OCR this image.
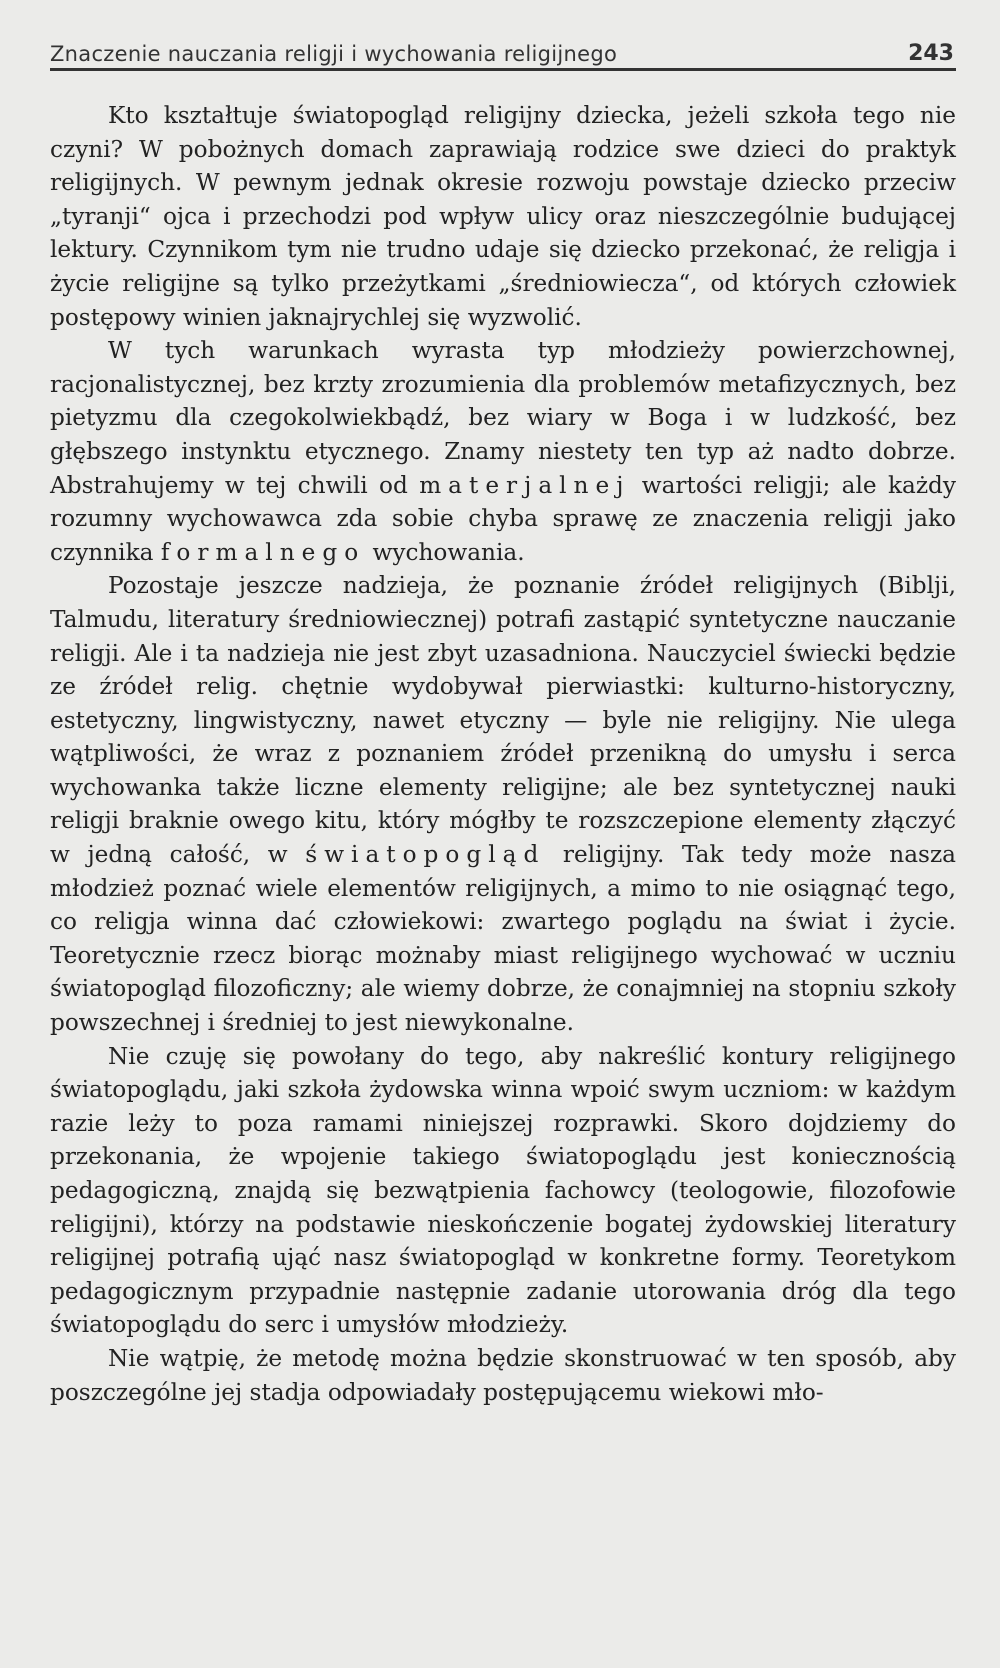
Znaczenie nauczania religji i wychowania religijnego	243

Kto kształtuje światopogląd religijny dziecka, jeżeli szkoła tego nie czyni? W pobożnych domach zaprawiają rodzice swe dzieci do praktyk religijnych. W pewnym jednak okresie rozwoju powstaje dziecko przeciw „tyranji“ ojca i przechodzi pod wpływ ulicy oraz nieszczególnie budującej lektury. Czynnikom tym nie trudno udaje się dziecko przekonać, że religja i życie religijne są tylko przeżytkami „średniowiecza“, od których człowiek postępowy winien jaknajrychlej się wyzwolić.

W tych warunkach wyrasta typ młodzieży powierzchownej, racjonalistycznej, bez krzty zrozumienia dla problemów metafizycznych, bez pietyzmu dla czegokolwiekbądź, bez wiary w Boga i w ludzkość, bez głębszego instynktu etycznego. Znamy niestety ten typ aż nadto dobrze. Abstrahujemy w tej chwili od materjalnej wartości religji; ale każdy rozumny wychowawca zda sobie chyba sprawę ze znaczenia religji jako czynnika formalnego wychowania.

Pozostaje jeszcze nadzieja, że poznanie źródeł religijnych (Biblji, Talmudu, literatury średniowiecznej) potrafi zastąpić syntetyczne nauczanie religji. Ale i ta nadzieja nie jest zbyt uzasadniona. Nauczyciel świecki będzie ze źródeł relig. chętnie wydobywał pierwiastki: kulturno-historyczny, estetyczny, lingwistyczny, nawet etyczny — byle nie religijny. Nie ulega wątpliwości, że wraz z poznaniem źródeł przenikną do umysłu i serca wychowanka także liczne elementy religijne; ale bez syntetycznej nauki religji braknie owego kitu, który mógłby te rozszczepione elementy złączyć w jedną całość, w światopogląd religijny. Tak tedy może nasza młodzież poznać wiele elementów religijnych, a mimo to nie osiągnąć tego, co religja winna dać człowiekowi: zwartego poglądu na świat i życie. Teoretycznie rzecz biorąc możnaby miast religijnego wychować w uczniu światopogląd filozoficzny; ale wiemy dobrze, że conajmniej na stopniu szkoły powszechnej i średniej to jest niewykonalne.

Nie czuję się powołany do tego, aby nakreślić kontury religijnego światopoglądu, jaki szkoła żydowska winna wpoić swym uczniom: w każdym razie leży to poza ramami niniejszej rozprawki. Skoro dojdziemy do przekonania, że wpojenie takiego światopoglądu jest koniecznością pedagogiczną, znajdą się bezwątpienia fachowcy (teologowie, filozofowie religijni), którzy na podstawie nieskończenie bogatej żydowskiej literatury religijnej potrafią ująć nasz światopogląd w konkretne formy. Teoretykom pedagogicznym przypadnie następnie zadanie utorowania dróg dla tego światopoglądu do serc i umysłów młodzieży.

Nie wątpię, że metodę można będzie skonstruować w ten sposób, aby poszczególne jej stadja odpowiadały postępującemu wiekowi mło-
